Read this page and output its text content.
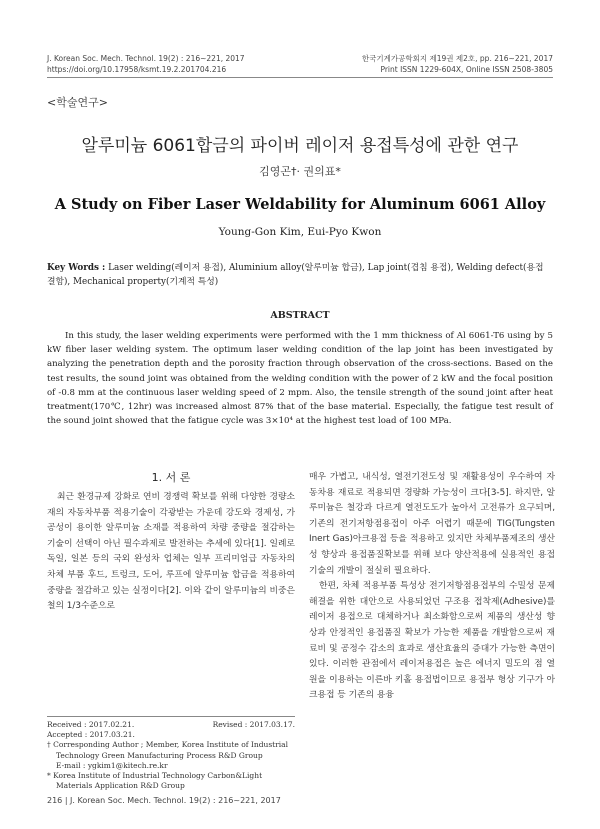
J. Korean Soc. Mech. Technol. 19(2) : 216~221, 2017
https://doi.org/10.17958/ksmt.19.2.201704.216
한국기계가공학회지 제19권 제2호, pp. 216~221, 2017
Print ISSN 1229-604X, Online ISSN 2508-3805
<학술연구>
알루미늄 6061합금의 파이버 레이저 용접특성에 관한 연구
김영곤†· 권의표*
A Study on Fiber Laser Weldability for Aluminum 6061 Alloy
Young-Gon Kim, Eui-Pyo Kwon
Key Words : Laser welding(레이저 용접), Aluminium alloy(알루미늄 합금), Lap joint(겹침 용접), Welding defect(용접 결함), Mechanical property(기계적 특성)
ABSTRACT
In this study, the laser welding experiments were performed with the 1 mm thickness of Al 6061-T6 using by 5 kW fiber laser welding system. The optimum laser welding condition of the lap joint has been investigated by analyzing the penetration depth and the porosity fraction through observation of the cross-sections. Based on the test results, the sound joint was obtained from the welding condition with the power of 2 kW and the focal position of -0.8 mm at the continuous laser welding speed of 2 mpm. Also, the tensile strength of the sound joint after heat treatment(170℃, 12hr) was increased almost 87% that of the base material. Especially, the fatigue test result of the sound joint showed that the fatigue cycle was 3×10⁴ at the highest test load of 100 MPa.
1. 서 론
최근 환경규제 강화로 연비 경쟁력 확보를 위해 다양한 경량소재의 자동차부품 적용기술이 각광받는 가운데 강도와 경제성, 가공성이 용이한 알루미늄 소재를 적용하여 차량 중량을 절감하는 기술이 선택이 아닌 필수과제로 발전하는 추세에 있다[1]. 일례로 독일, 일본 등의 국외 완성차 업체는 일부 프리미엄급 자동차의 차체 부품 후드, 트렁크, 도어, 루프에 알루미늄 합금을 적용하여 중량을 절감하고 있는 실정이다[2]. 이와 같이 알루미늄의 비중은 철의 1/3수준으로

매우 가볍고, 내식성, 열전기전도성 및 재활용성이 우수하여 자동차용 재료로 적용되면 경량화 가능성이 크다[3-5]. 하지만, 알루미늄은 철강과 다르게 열전도도가 높아서 고전류가 요구되며, 기존의 전기저항점용접이 아주 어렵기 때문에 TIG(Tungsten Inert Gas)아크용접 등을 적용하고 있지만 차체부품제조의 생산성 향상과 용접품질확보를 위해 보다 양산적용에 실용적인 용접 기술의 개발이 절실히 필요하다.

한편, 차체 적용부품 특성상 전기저항점용접부의 수밀성 문제 해결을 위한 대안으로 사용되었던 구조용 접착제(Adhesive)를 레이저 용접으로 대체하거나 최소화함으로써 제품의 생산성 향상과 안정적인 용접품질 확보가 가능한 제품을 개발함으로써 재료비 및 공정수 감소의 효과로 생산효율의 증대가 가능한 측면이 있다. 이러한 관점에서 레이저용접은 높은 에너지 밀도의 점 열원을 이용하는 이른바 키홀 용접법이므로 용접부 형상 기구가 아크용접 등 기존의 용융

Received : 2017.02.21.	Revised : 2017.03.17.
Accepted : 2017.03.21.
† Corresponding Author ; Member, Korea Institute of Industrial Technology Green Manufacturing Process R&D Group
E-mail : ygkim1@kitech.re.kr
* Korea Institute of Industrial Technology Carbon&Light Materials Application R&D Group
216 | J. Korean Soc. Mech. Technol. 19(2) : 216~221, 2017
